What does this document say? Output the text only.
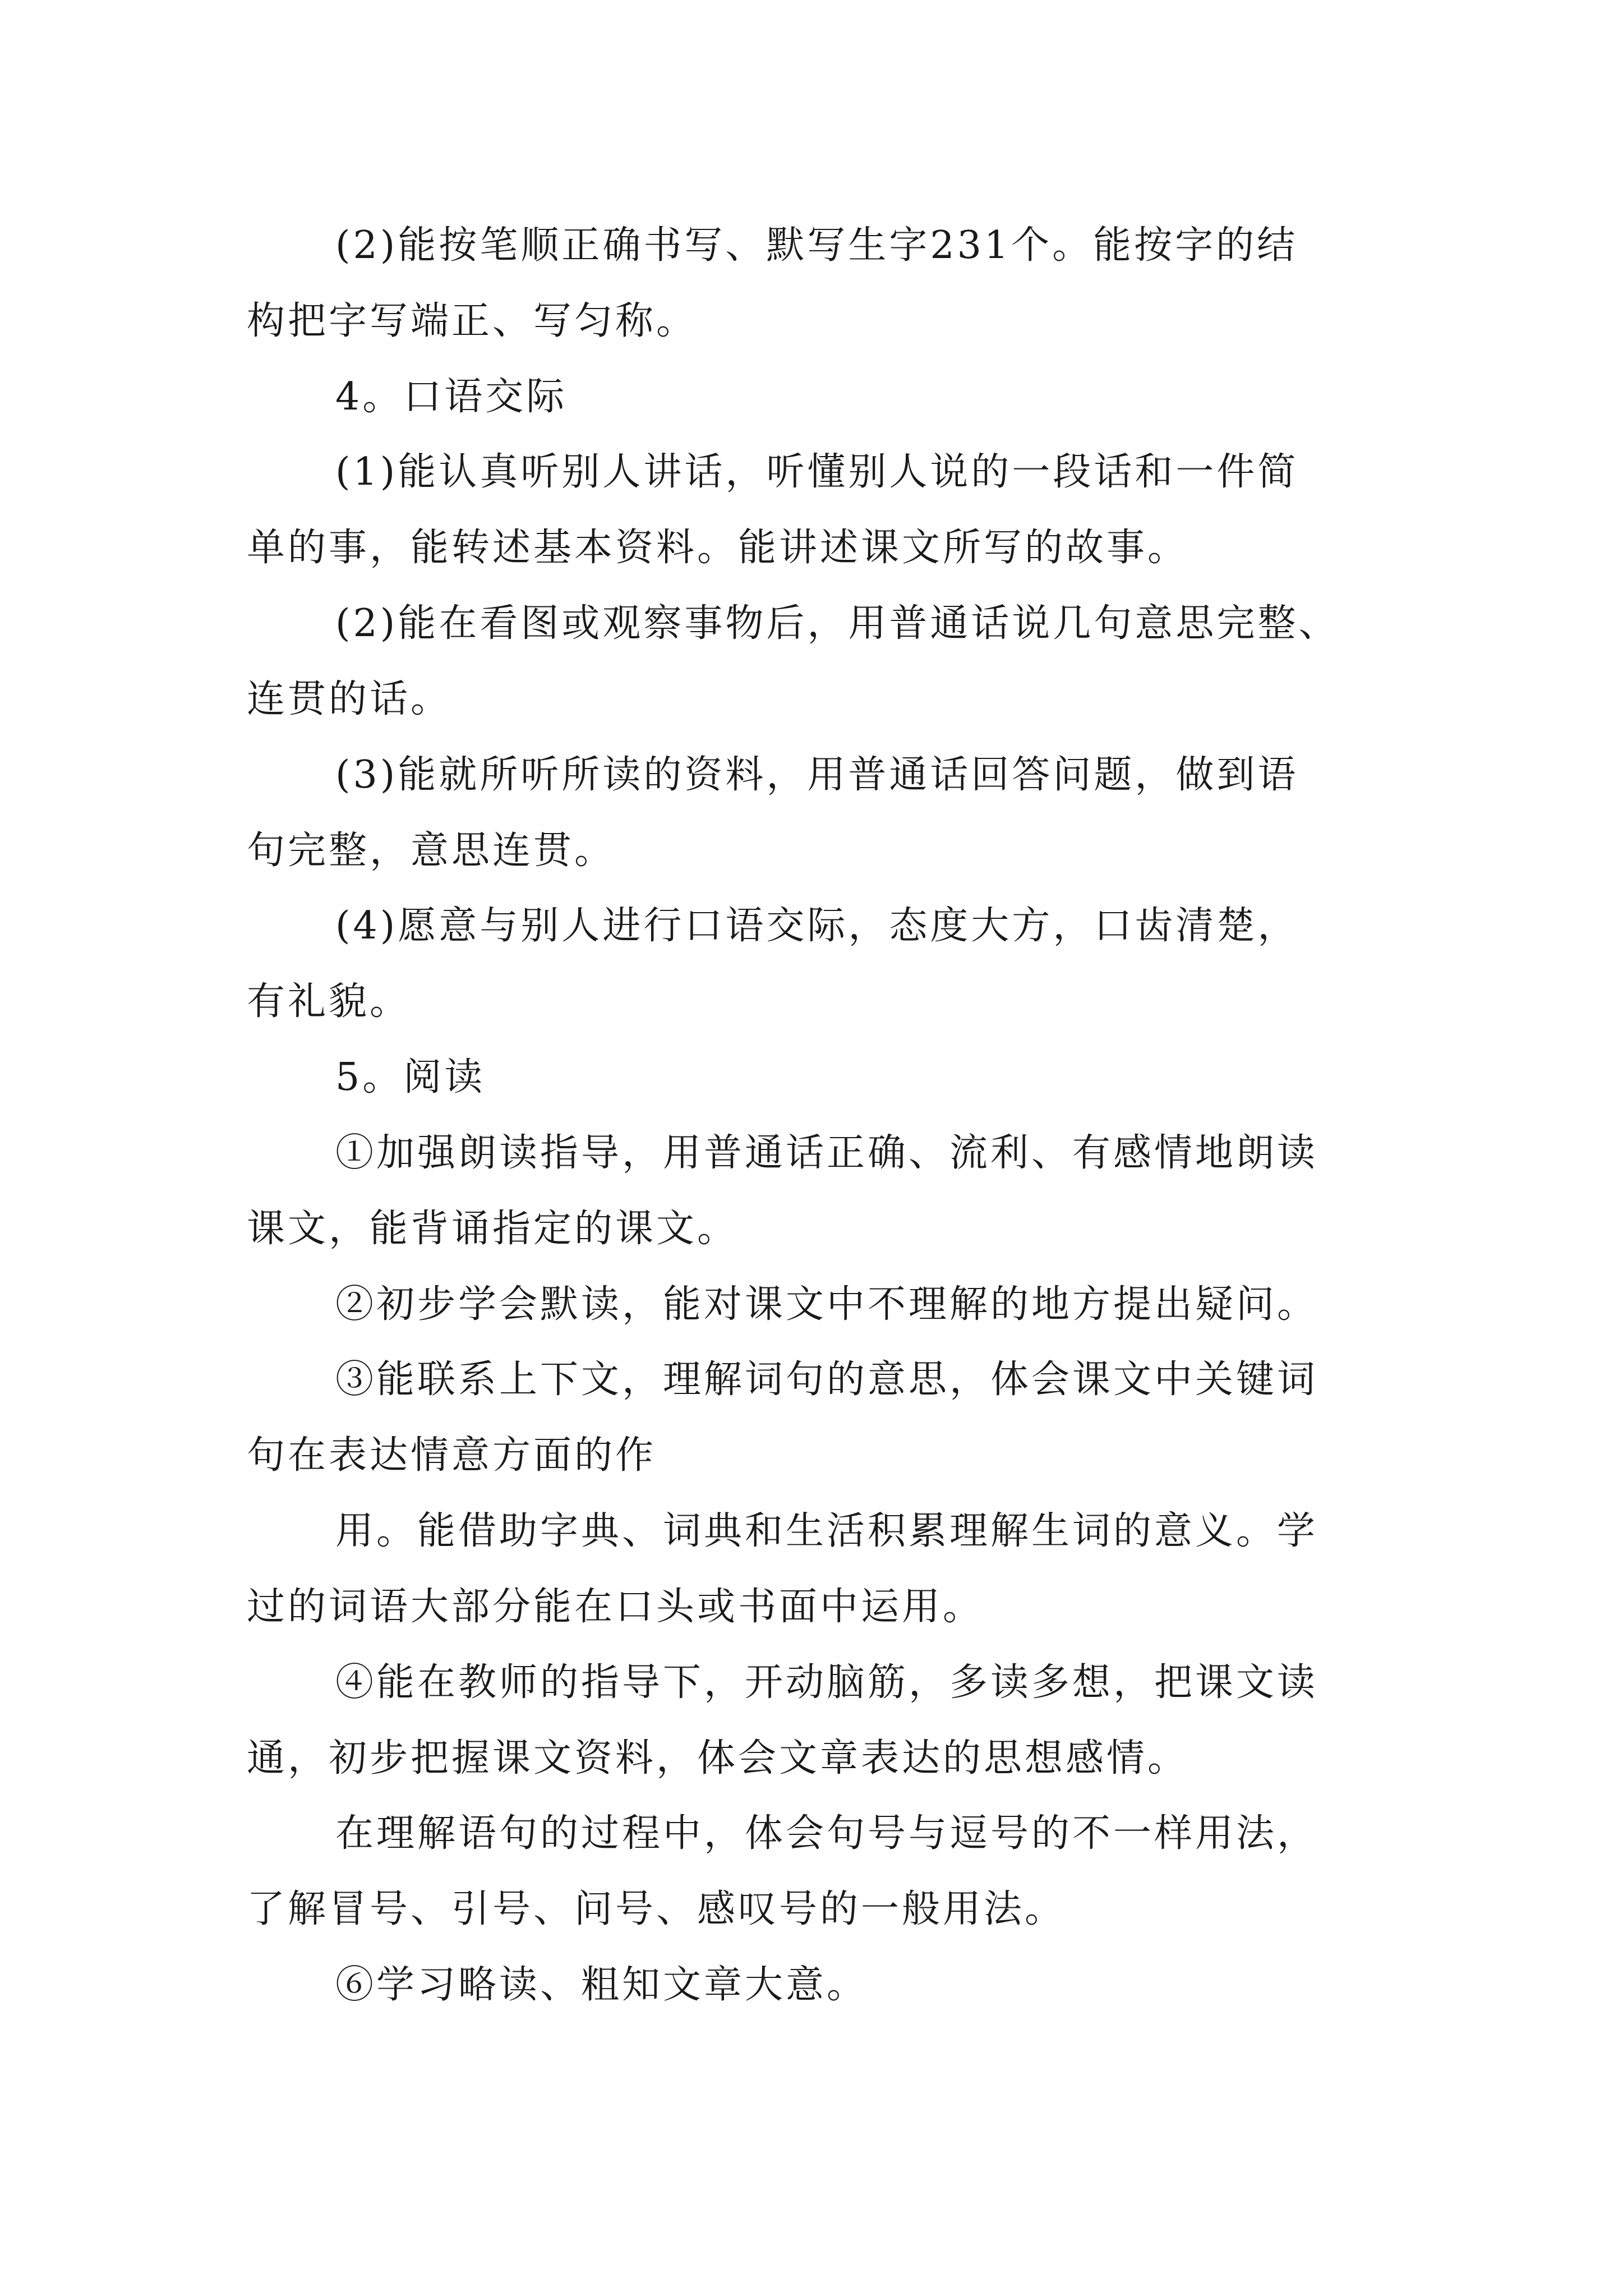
(2)能按笔顺正确书写、默写生字231个。能按字的结
构把字写端正、写匀称。
4。口语交际
(1)能认真听别人讲话，听懂别人说的一段话和一件简
单的事，能转述基本资料。能讲述课文所写的故事。
(2)能在看图或观察事物后，用普通话说几句意思完整、
连贯的话。
(3)能就所听所读的资料，用普通话回答问题，做到语
句完整，意思连贯。
(4)愿意与别人进行口语交际，态度大方，口齿清楚，
有礼貌。
5。阅读
①加强朗读指导，用普通话正确、流利、有感情地朗读
课文，能背诵指定的课文。
②初步学会默读，能对课文中不理解的地方提出疑问。
③能联系上下文，理解词句的意思，体会课文中关键词
句在表达情意方面的作
用。能借助字典、词典和生活积累理解生词的意义。学
过的词语大部分能在口头或书面中运用。
④能在教师的指导下，开动脑筋，多读多想，把课文读
通，初步把握课文资料，体会文章表达的思想感情。
在理解语句的过程中，体会句号与逗号的不一样用法，
了解冒号、引号、问号、感叹号的一般用法。
⑥学习略读、粗知文章大意。
